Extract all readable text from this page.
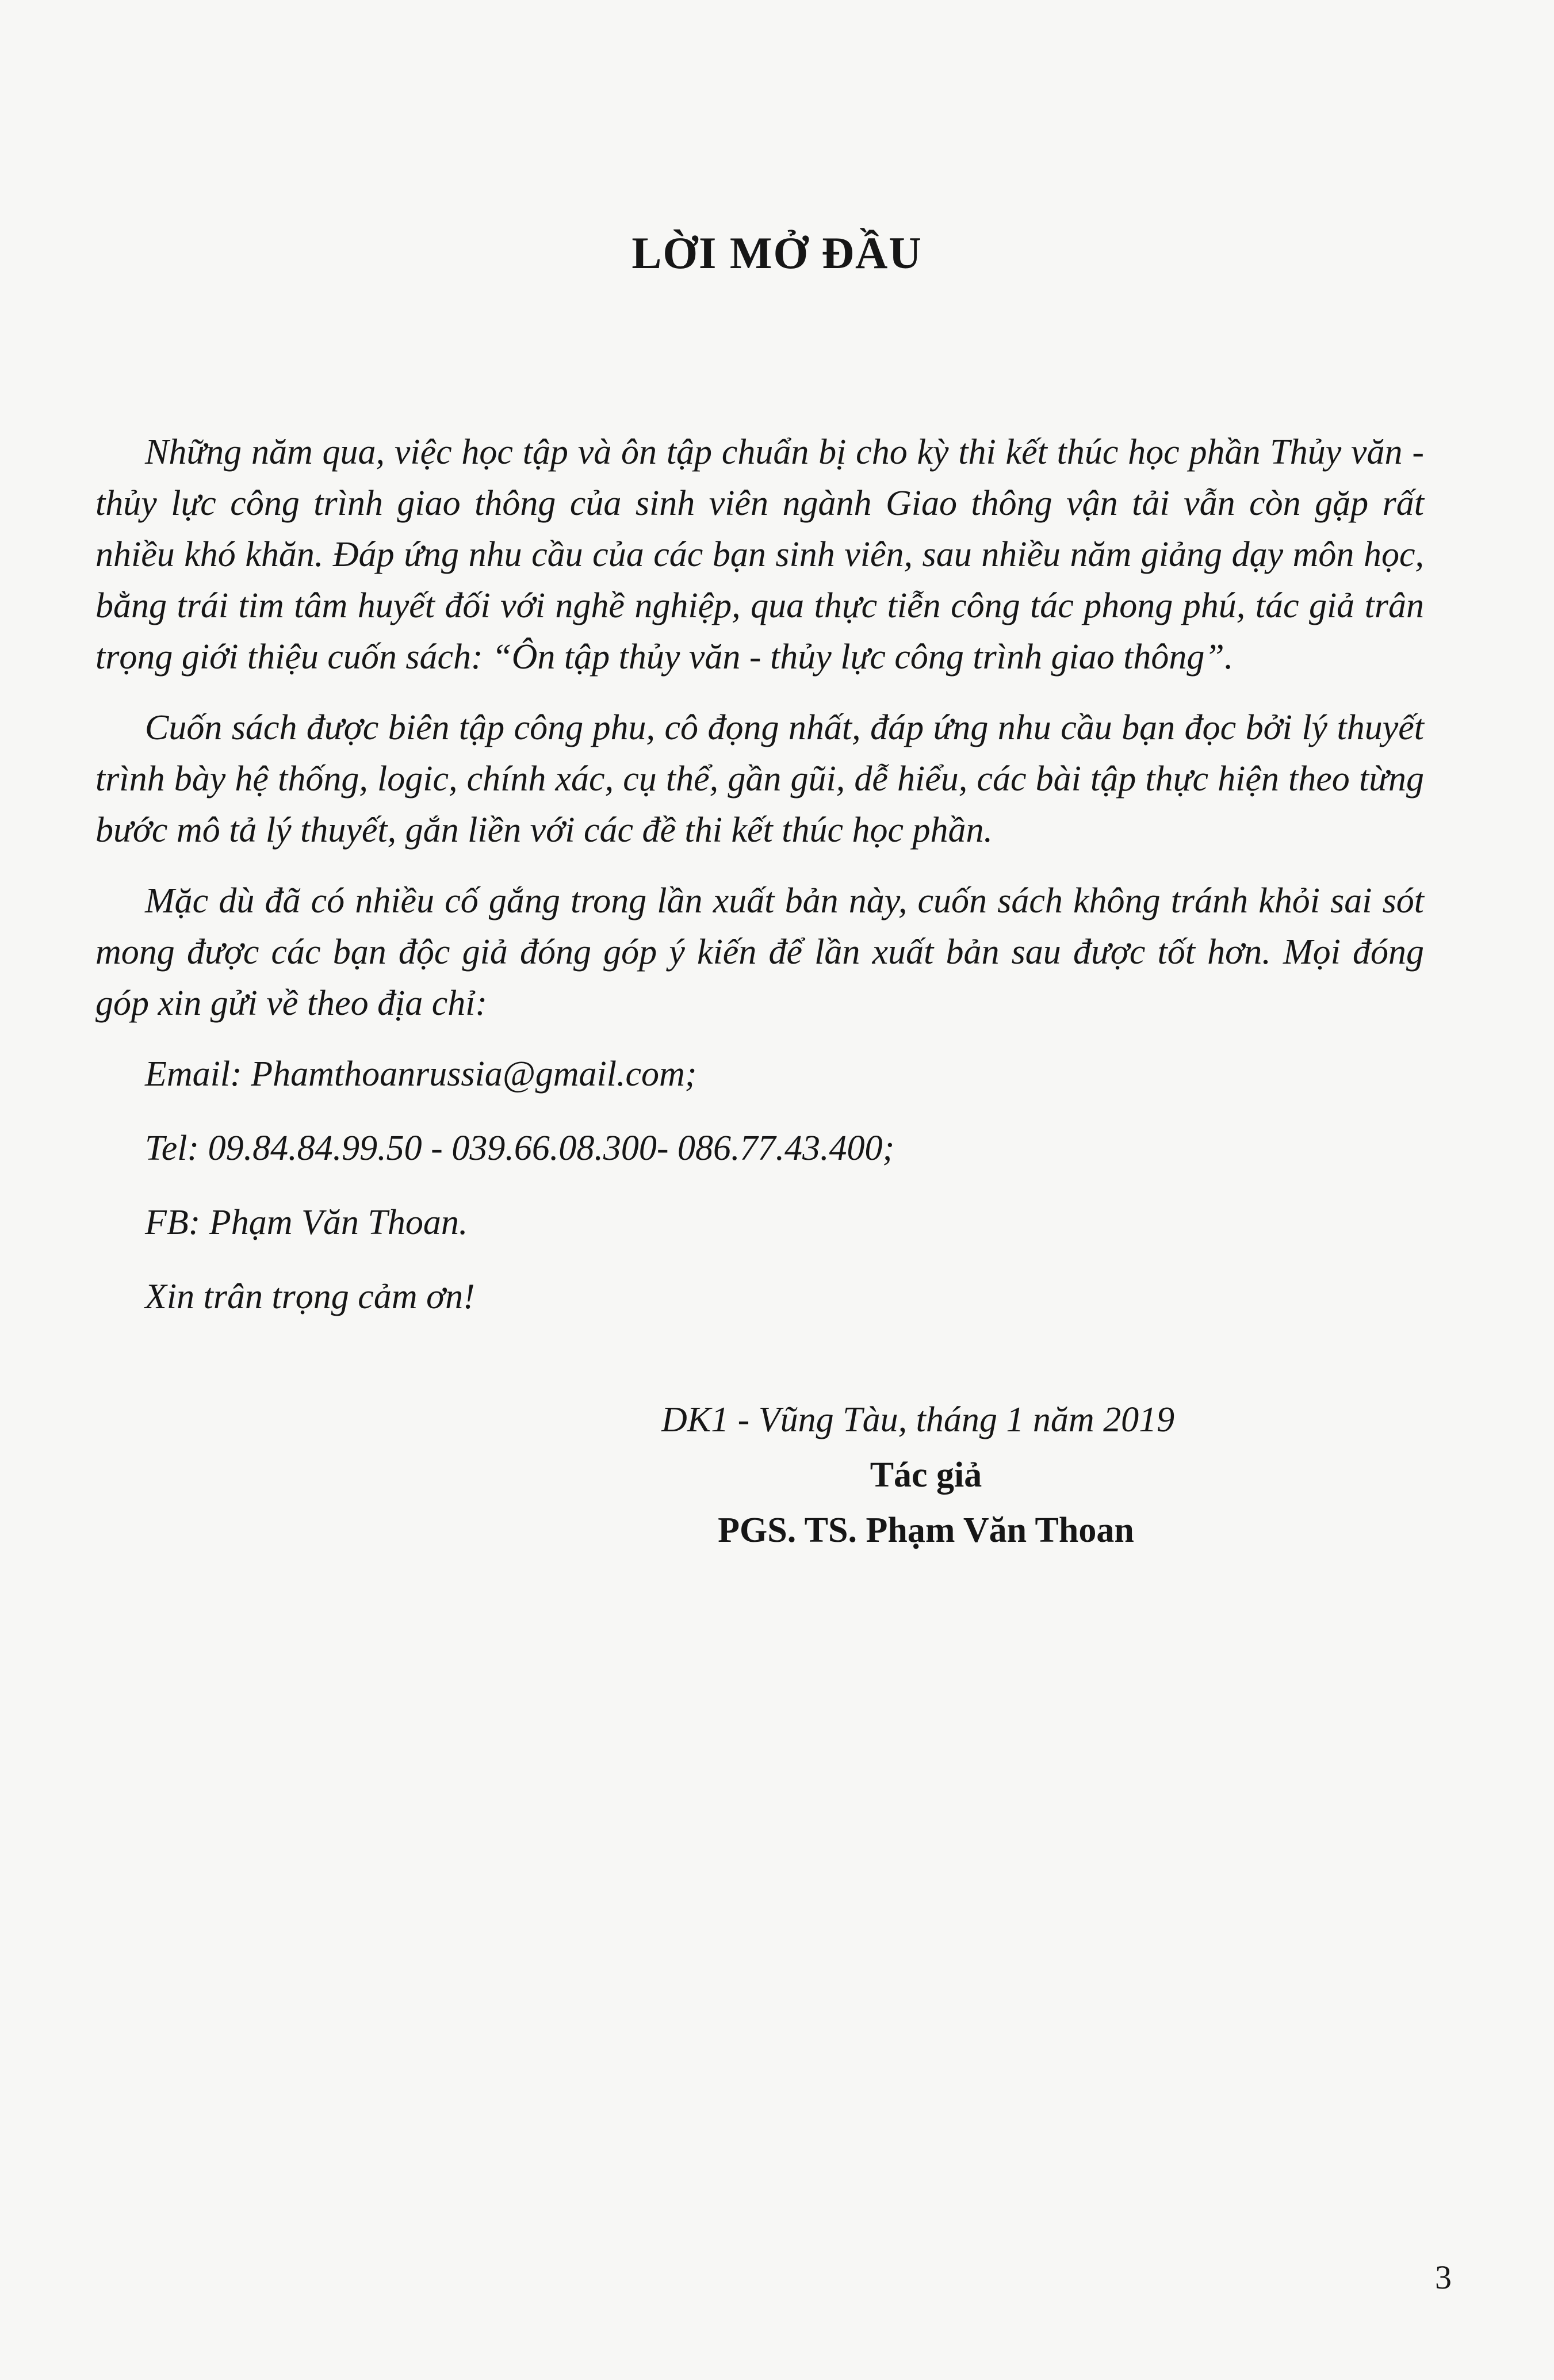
LỜI MỞ ĐẦU

Những năm qua, việc học tập và ôn tập chuẩn bị cho kỳ thi kết thúc học phần Thủy văn - thủy lực công trình giao thông của sinh viên ngành Giao thông vận tải vẫn còn gặp rất nhiều khó khăn. Đáp ứng nhu cầu của các bạn sinh viên, sau nhiều năm giảng dạy môn học, bằng trái tim tâm huyết đối với nghề nghiệp, qua thực tiễn công tác phong phú, tác giả trân trọng giới thiệu cuốn sách: “Ôn tập thủy văn - thủy lực công trình giao thông”.

Cuốn sách được biên tập công phu, cô đọng nhất, đáp ứng nhu cầu bạn đọc bởi lý thuyết trình bày hệ thống, logic, chính xác, cụ thể, gần gũi, dễ hiểu, các bài tập thực hiện theo từng bước mô tả lý thuyết, gắn liền với các đề thi kết thúc học phần.

Mặc dù đã có nhiều cố gắng trong lần xuất bản này, cuốn sách không tránh khỏi sai sót mong được các bạn độc giả đóng góp ý kiến để lần xuất bản sau được tốt hơn. Mọi đóng góp xin gửi về theo địa chỉ:

Email: Phamthoanrussia@gmail.com;

Tel: 09.84.84.99.50 - 039.66.08.300- 086.77.43.400;

FB: Phạm Văn Thoan.

Xin trân trọng cảm ơn!

DK1 - Vũng Tàu, tháng 1 năm 2019
Tác giả
PGS. TS. Phạm Văn Thoan
3
